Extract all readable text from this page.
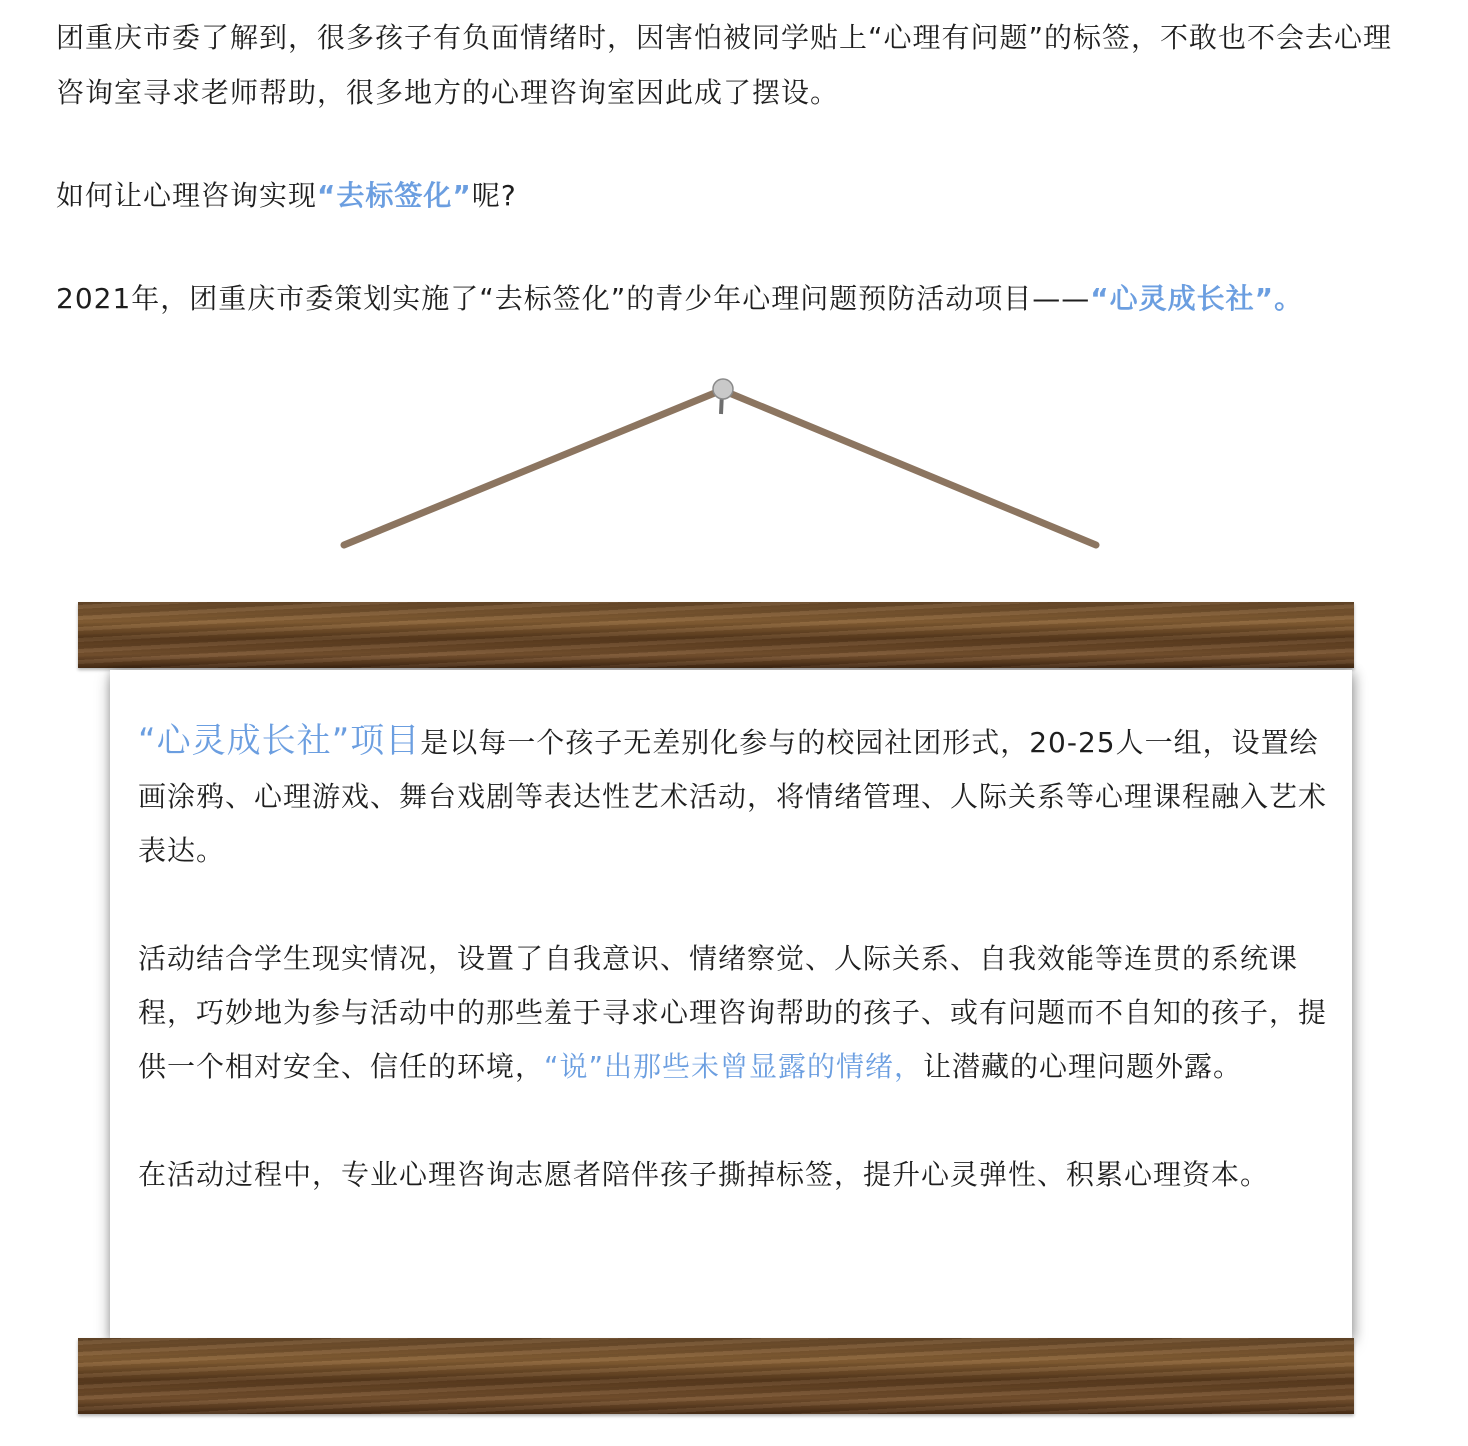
团重庆市委了解到，很多孩子有负面情绪时，因害怕被同学贴上“心理有问题”的标签，不敢也不会去心理咨询室寻求老师帮助，很多地方的心理咨询室因此成了摆设。

如何让心理咨询实现“去标签化”呢?

2021年，团重庆市委策划实施了“去标签化”的青少年心理问题预防活动项目——“心灵成长社”。

“心灵成长社”项目是以每一个孩子无差别化参与的校园社团形式，20-25人一组，设置绘画涂鸦、心理游戏、舞台戏剧等表达性艺术活动，将情绪管理、人际关系等心理课程融入艺术表达。

活动结合学生现实情况，设置了自我意识、情绪察觉、人际关系、自我效能等连贯的系统课程，巧妙地为参与活动中的那些羞于寻求心理咨询帮助的孩子、或有问题而不自知的孩子，提供一个相对安全、信任的环境，“说”出那些未曾显露的情绪，让潜藏的心理问题外露。

在活动过程中，专业心理咨询志愿者陪伴孩子撕掉标签，提升心灵弹性、积累心理资本。
